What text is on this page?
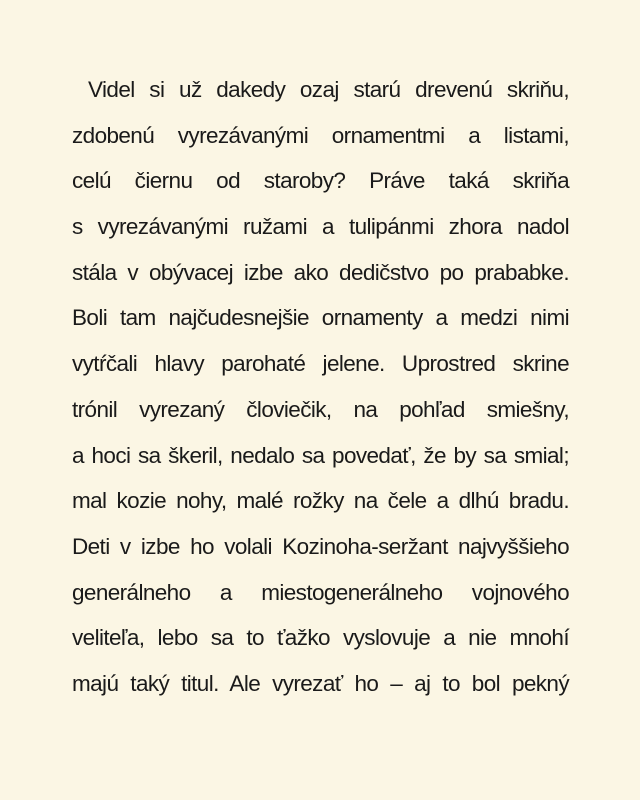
Videl si už dakedy ozaj starú drevenú skriňu,
zdobenú vyrezávanými ornamentmi a listami,
celú čiernu od staroby? Práve taká skriňa
s vyrezávanými ružami a tulipánmi zhora nadol
stála v obývacej izbe ako dedičstvo po prababke.
Boli tam najčudesnejšie ornamenty a medzi nimi
vytŕčali hlavy parohaté jelene. Uprostred skrine
trónil vyrezaný človiečik, na pohľad smiešny,
a hoci sa škeril, nedalo sa povedať, že by sa smial;
mal kozie nohy, malé rožky na čele a dlhú bradu.
Deti v izbe ho volali Kozinoha-seržant najvyššieho
generálneho a miestogenerálneho vojnového
veliteľa, lebo sa to ťažko vyslovuje a nie mnohí
majú taký titul. Ale vyrezať ho – aj to bol pekný
